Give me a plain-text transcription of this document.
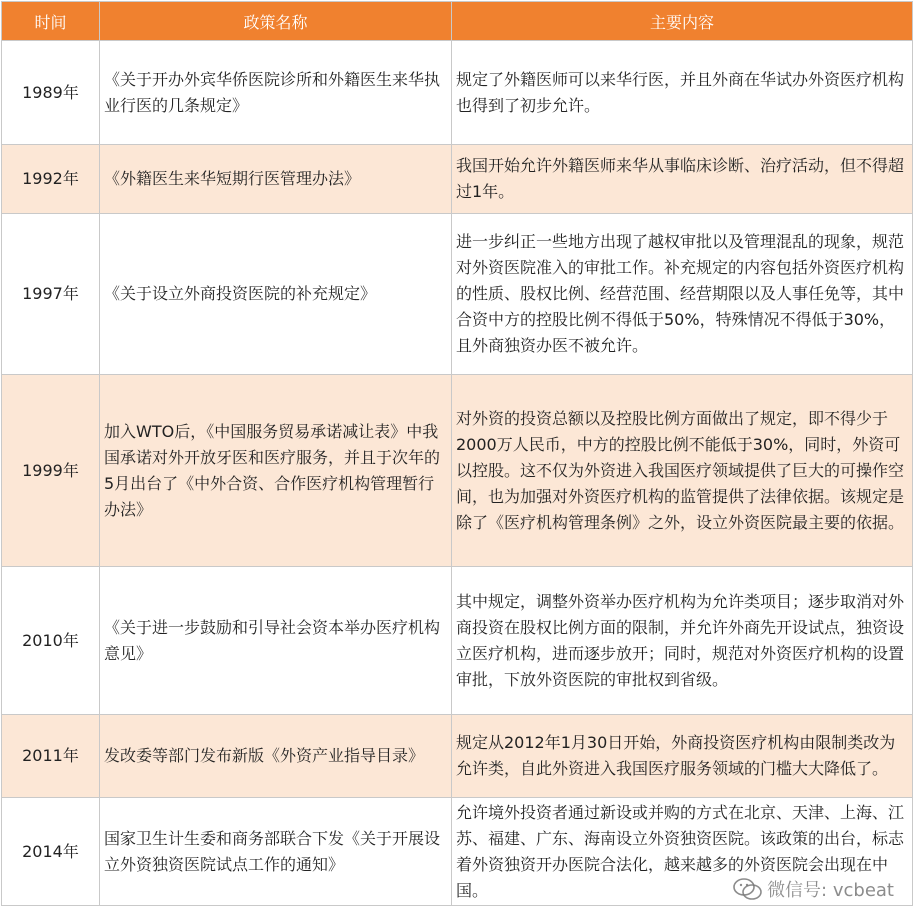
时间	政策名称	主要内容
1989年	《关于开办外宾华侨医院诊所和外籍医生来华执业行医的几条规定》	规定了外籍医师可以来华行医，并且外商在华试办外资医疗机构也得到了初步允许。
1992年	《外籍医生来华短期行医管理办法》	我国开始允许外籍医师来华从事临床诊断、治疗活动，但不得超过1年。
1997年	《关于设立外商投资医院的补充规定》	进一步纠正一些地方出现了越权审批以及管理混乱的现象，规范对外资医院准入的审批工作。补充规定的内容包括外资医疗机构的性质、股权比例、经营范围、经营期限以及人事任免等，其中合资中方的控股比例不得低于50%，特殊情况不得低于30%，且外商独资办医不被允许。
1999年	加入WTO后，《中国服务贸易承诺减让表》中我国承诺对外开放牙医和医疗服务，并且于次年的5月出台了《中外合资、合作医疗机构管理暂行办法》	对外资的投资总额以及控股比例方面做出了规定，即不得少于2000万人民币，中方的控股比例不能低于30%，同时，外资可以控股。这不仅为外资进入我国医疗领域提供了巨大的可操作空间，也为加强对外资医疗机构的监管提供了法律依据。该规定是除了《医疗机构管理条例》之外，设立外资医院最主要的依据。
2010年	《关于进一步鼓励和引导社会资本举办医疗机构意见》	其中规定，调整外资举办医疗机构为允许类项目；逐步取消对外商投资在股权比例方面的限制，并允许外商先开设试点，独资设立医疗机构，进而逐步放开；同时，规范对外资医疗机构的设置审批，下放外资医院的审批权到省级。
2011年	发改委等部门发布新版《外资产业指导目录》	规定从2012年1月30日开始，外商投资医疗机构由限制类改为允许类，自此外资进入我国医疗服务领域的门槛大大降低了。
2014年	国家卫生计生委和商务部联合下发《关于开展设立外资独资医院试点工作的通知》	允许境外投资者通过新设或并购的方式在北京、天津、上海、江苏、福建、广东、海南设立外资独资医院。该政策的出台，标志着外资独资开办医院合法化，越来越多的外资医院会出现在中国。	微信号: vcbeat
